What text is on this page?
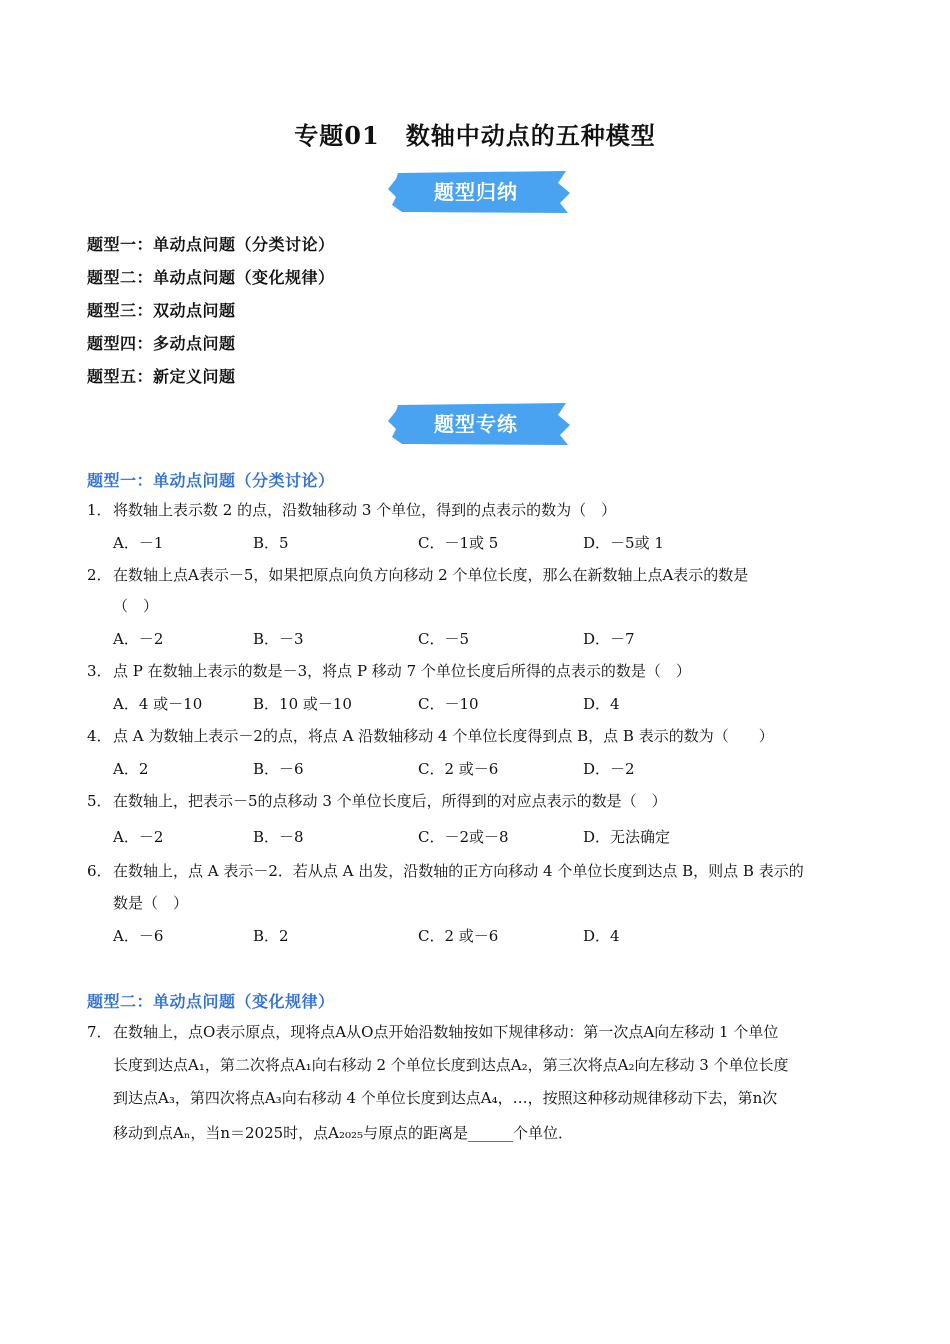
专题01 数轴中动点的五种模型
题型归纳
题型一：单动点问题（分类讨论）
题型二：单动点问题（变化规律）
题型三：双动点问题
题型四：多动点问题
题型五：新定义问题
题型专练
题型一：单动点问题（分类讨论）
1．将数轴上表示数 2 的点，沿数轴移动 3 个单位，得到的点表示的数为（　）
A．－1	B．5	C．－1或 5	D．－5或 1
2．在数轴上点A表示－5，如果把原点向负方向移动 2 个单位长度，那么在新数轴上点A表示的数是
（　）
A．－2	B．－3	C．－5	D．－7
3．点 P 在数轴上表示的数是－3，将点 P 移动 7 个单位长度后所得的点表示的数是（　）
A．4 或－10	B．10 或－10	C．－10	D．4
4．点 A 为数轴上表示－2的点，将点 A 沿数轴移动 4 个单位长度得到点 B，点 B 表示的数为（　　）
A．2	B．－6	C．2 或－6	D．－2
5．在数轴上，把表示－5的点移动 3 个单位长度后，所得到的对应点表示的数是（　）
A．－2	B．－8	C．－2或－8	D．无法确定
6．在数轴上，点 A 表示－2．若从点 A 出发，沿数轴的正方向移动 4 个单位长度到达点 B，则点 B 表示的
数是（　）
A．－6	B．2	C．2 或－6	D．4
题型二：单动点问题（变化规律）
7． 在数轴上，点O表示原点，现将点A从O点开始沿数轴按如下规律移动：第一次点A向左移动 1 个单位
长度到达点A₁，第二次将点A₁向右移动 2 个单位长度到达点A₂，第三次将点A₂向左移动 3 个单位长度
到达点A₃，第四次将点A₃向右移动 4 个单位长度到达点A₄，…，按照这种移动规律移动下去，第n次
移动到点Aₙ，当n＝2025时，点A₂₀₂₅与原点的距离是______个单位．
